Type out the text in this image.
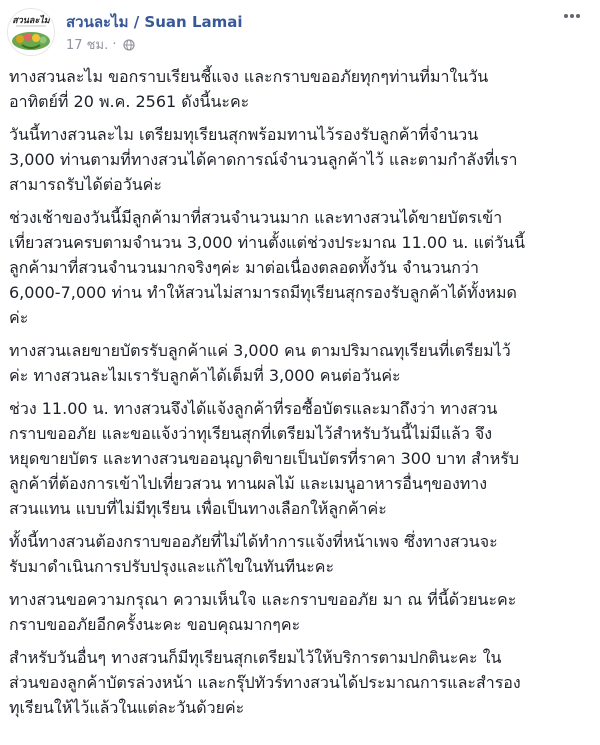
สวนละไม สวนละไม / Suan Lamai
17 ชม. ·

ทางสวนละไม ขอกราบเรียนชี้แจง และกราบขออภัยทุกๆท่านที่มาในวัน
อาทิตย์ที่ 20 พ.ค. 2561 ดังนี้นะคะ

วันนี้ทางสวนละไม เตรียมทุเรียนสุกพร้อมทานไว้รองรับลูกค้าที่จำนวน
3,000 ท่านตามที่ทางสวนได้คาดการณ์จำนวนลูกค้าไว้ และตามกำลังที่เรา
สามารถรับได้ต่อวันค่ะ

ช่วงเช้าของวันนี้มีลูกค้ามาที่สวนจำนวนมาก และทางสวนได้ขายบัตรเข้า
เที่ยวสวนครบตามจำนวน 3,000 ท่านตั้งแต่ช่วงประมาณ 11.00 น. แต่วันนี้
ลูกค้ามาที่สวนจำนวนมากจริงๆค่ะ มาต่อเนื่องตลอดทั้งวัน จำนวนกว่า
6,000-7,000 ท่าน ทำให้สวนไม่สามารถมีทุเรียนสุกรองรับลูกค้าได้ทั้งหมด
ค่ะ

ทางสวนเลยขายบัตรรับลูกค้าแค่ 3,000 คน ตามปริมาณทุเรียนที่เตรียมไว้
ค่ะ ทางสวนละไมเรารับลูกค้าได้เต็มที่ 3,000 คนต่อวันค่ะ

ช่วง 11.00 น. ทางสวนจึงได้แจ้งลูกค้าที่รอซื้อบัตรและมาถึงว่า ทางสวน
กราบขออภัย และขอแจ้งว่าทุเรียนสุกที่เตรียมไว้สำหรับวันนี้ไม่มีแล้ว จึง
หยุดขายบัตร และทางสวนขออนุญาติขายเป็นบัตรที่ราคา 300 บาท สำหรับ
ลูกค้าที่ต้องการเข้าไปเที่ยวสวน ทานผลไม้ และเมนูอาหารอื่นๆของทาง
สวนแทน แบบที่ไม่มีทุเรียน เพื่อเป็นทางเลือกให้ลูกค้าค่ะ

ทั้งนี้ทางสวนต้องกราบขออภัยที่ไม่ได้ทำการแจ้งที่หน้าเพจ ซึ่งทางสวนจะ
รับมาดำเนินการปรับปรุงและแก้ไขในทันทีนะคะ

ทางสวนขอความกรุณา ความเห็นใจ และกราบขออภัย มา ณ ที่นี้ด้วยนะคะ
กราบขออภัยอีกครั้งนะคะ ขอบคุณมากๆคะ

สำหรับวันอื่นๆ ทางสวนก็มีทุเรียนสุกเตรียมไว้ให้บริการตามปกตินะคะ ใน
ส่วนของลูกค้าบัตรล่วงหน้า และกรุ๊ปทัวร์ทางสวนได้ประมาณการและสำรอง
ทุเรียนให้ไว้แล้วในแต่ละวันด้วยค่ะ
